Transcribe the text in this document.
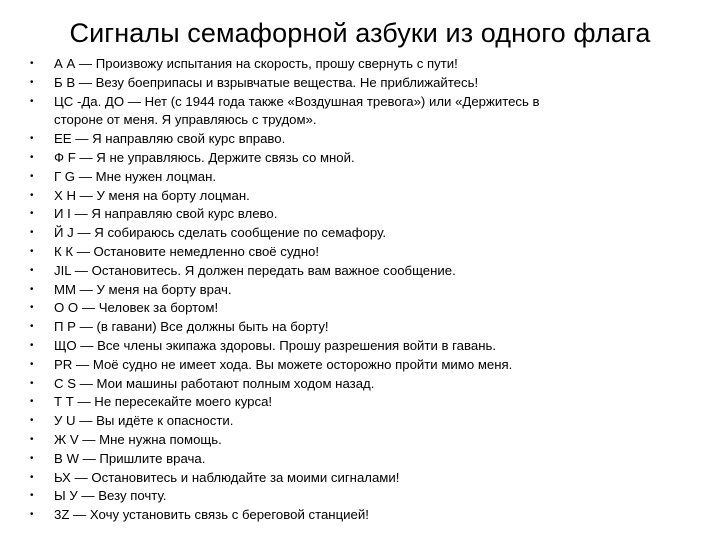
Сигналы семафорной азбуки из одного флага
•	А А — Произвожу испытания на скорость, прошу свернуть с пути!
•	Б В — Везу боеприпасы и взрывчатые вещества. Не приближайтесь!
•	ЦС -Да. ДО — Нет (с 1944 года также «Воздушная тревога») или «Держитесь в
стороне от меня. Я управляюсь с трудом».
•	ЕЕ — Я направляю свой курс вправо.
•	Ф F — Я не управляюсь. Держите связь со мной.
•	Г G — Мне нужен лоцман.
•	Х Н — У меня на борту лоцман.
•	И I — Я направляю свой курс влево.
•	Й J — Я собираюсь сделать сообщение по семафору.
•	К К — Остановите немедленно своё судно!
•	JIL — Остановитесь. Я должен передать вам важное сообщение.
•	ММ — У меня на борту врач.
•	О О — Человек за бортом!
•	П Р — (в гавани) Все должны быть на борту!
•	ЩО — Все члены экипажа здоровы. Прошу разрешения войти в гавань.
•	PR — Моё судно не имеет хода. Вы можете осторожно пройти мимо меня.
•	C S — Мои машины работают полным ходом назад.
•	Т Т — Не пересекайте моего курса!
•	У U — Вы идёте к опасности.
•	Ж V — Мне нужна помощь.
•	В W — Пришлите врача.
•	ЬХ — Остановитесь и наблюдайте за моими сигналами!
•	Ы У — Везу почту.
•	3Z — Хочу установить связь с береговой станцией!
